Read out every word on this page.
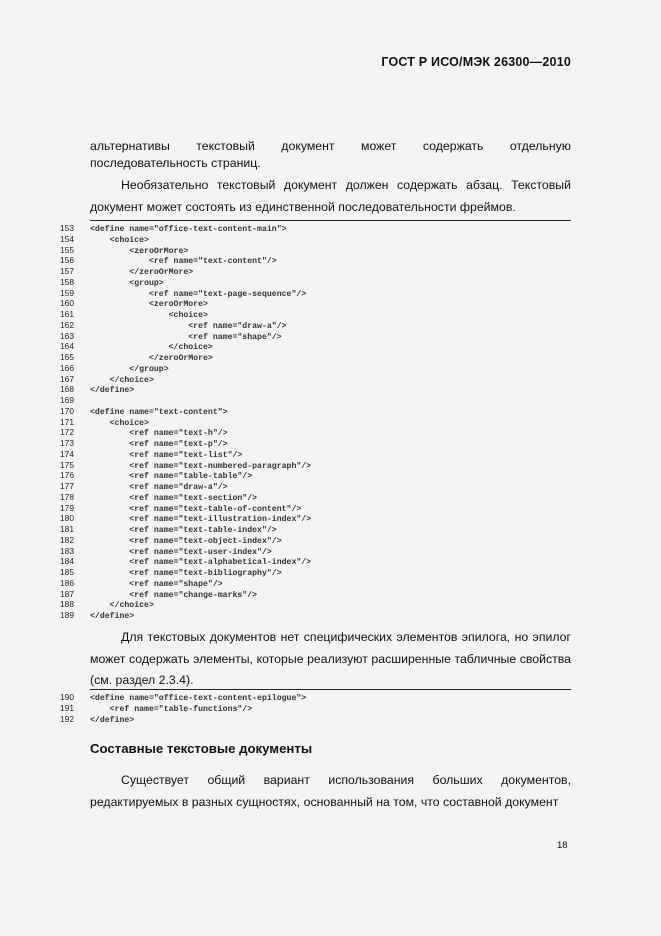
ГОСТ Р ИСО/МЭК 26300—2010

альтернативы текстовый документ может содержать отдельную

последовательность страниц.

Необязательно текстовый документ должен содержать абзац. Текстовый документ может состоять из единственной последовательности фреймов.

153 <define name="office-text-content-main">
154    <choice>
155        <zeroOrMore>
156            <ref name="text-content"/>
157        </zeroOrMore>
158        <group>
159            <ref name="text-page-sequence"/>
160            <zeroOrMore>
161                <choice>
162                    <ref name="draw-a"/>
163                    <ref name="shape"/>
164                </choice>
165            </zeroOrMore>
166        </group>
167    </choice>
168 </define>
169
170 <define name="text-content">
171    <choice>
172        <ref name="text-h"/>
173        <ref name="text-p"/>
174        <ref name="text-list"/>
175        <ref name="text-numbered-paragraph"/>
176        <ref name="table-table"/>
177        <ref name="draw-a"/>
178        <ref name="text-section"/>
179        <ref name="text-table-of-content"/>
180        <ref name="text-illustration-index"/>
181        <ref name="text-table-index"/>
182        <ref name="text-object-index"/>
183        <ref name="text-user-index"/>
184        <ref name="text-alphabetical-index"/>
185        <ref name="text-bibliography"/>
186        <ref name="shape"/>
187        <ref name="change-marks"/>
188    </choice>
189 </define>

Для текстовых документов нет специфических элементов эпилога, но эпилог может содержать элементы, которые реализуют расширенные табличные свойства (см. раздел 2.3.4).

190 <define name="office-text-content-epilogue">
191    <ref name="table-functions"/>
192 </define>
Составные текстовые документы

Существует общий вариант использования больших документов, редактируемых в разных сущностях, основанный на том, что составной документ

18
